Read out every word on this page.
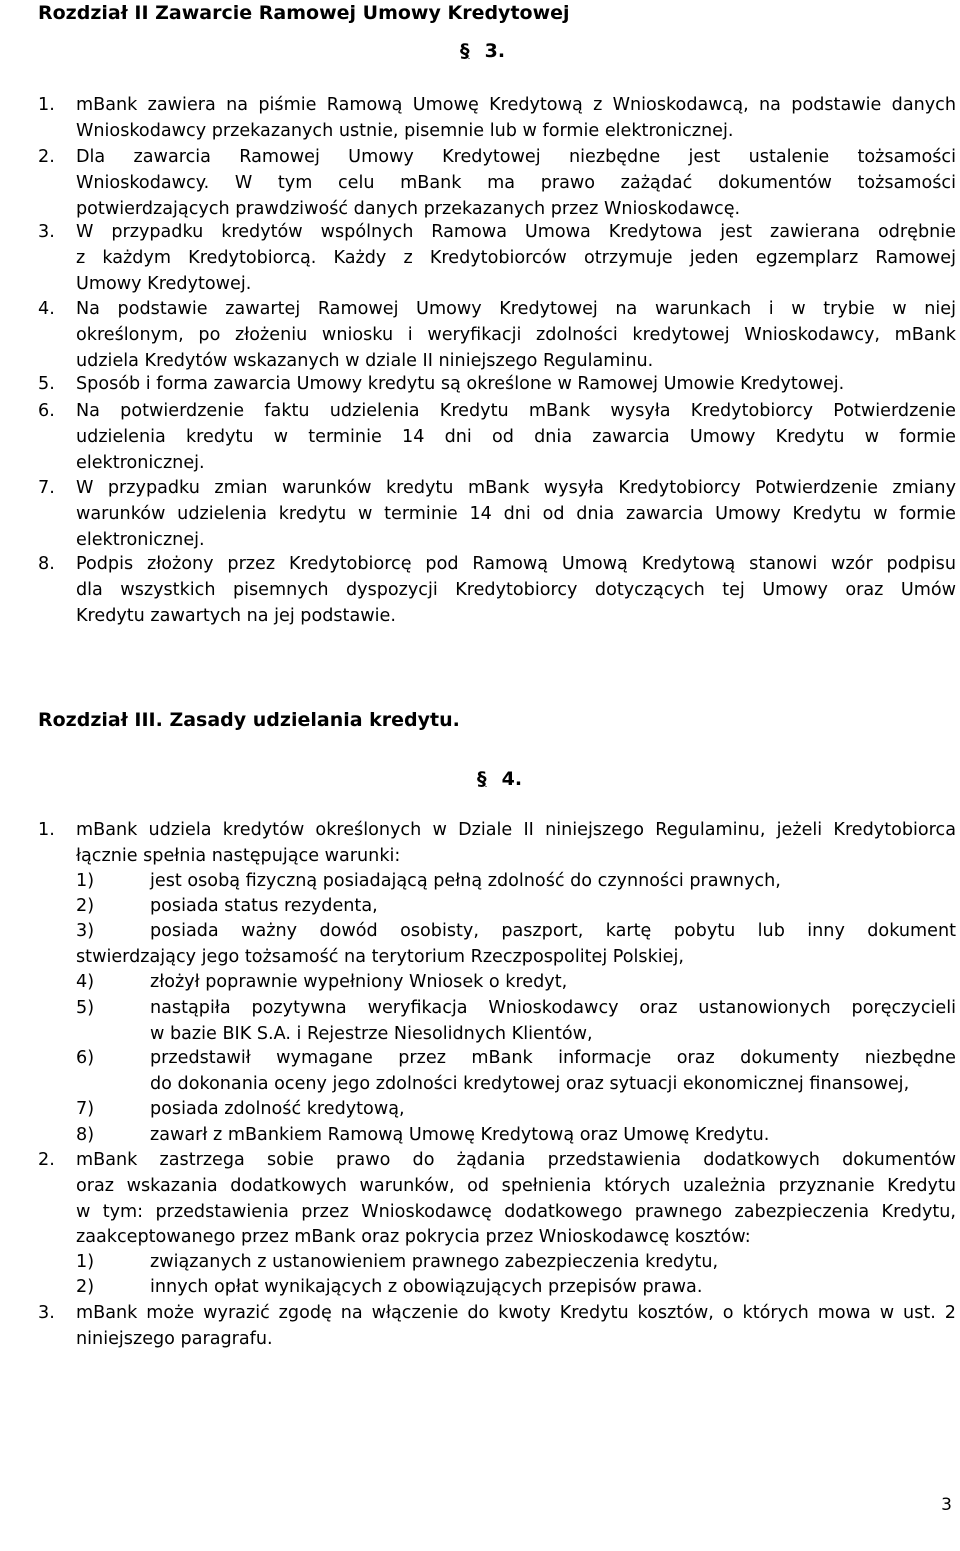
Rozdział II Zawarcie Ramowej Umowy Kredytowej
§ 3.
1. mBank zawiera na piśmie Ramową Umowę Kredytową z Wnioskodawcą, na podstawie danych
Wnioskodawcy przekazanych ustnie, pisemnie lub w formie elektronicznej.
2. Dla zawarcia Ramowej Umowy Kredytowej niezbędne jest ustalenie tożsamości
Wnioskodawcy. W tym celu mBank ma prawo zażądać dokumentów tożsamości
potwierdzających prawdziwość danych przekazanych przez Wnioskodawcę.
3. W przypadku kredytów wspólnych Ramowa Umowa Kredytowa jest zawierana odrębnie
z każdym Kredytobiorcą. Każdy z Kredytobiorców otrzymuje jeden egzemplarz Ramowej
Umowy Kredytowej.
4. Na podstawie zawartej Ramowej Umowy Kredytowej na warunkach i w trybie w niej
określonym, po złożeniu wniosku i weryfikacji zdolności kredytowej Wnioskodawcy, mBank
udziela Kredytów wskazanych w dziale II niniejszego Regulaminu.
5. Sposób i forma zawarcia Umowy kredytu są określone w Ramowej Umowie Kredytowej.
6. Na potwierdzenie faktu udzielenia Kredytu mBank wysyła Kredytobiorcy Potwierdzenie
udzielenia kredytu w terminie 14 dni od dnia zawarcia Umowy Kredytu w formie
elektronicznej.
7. W przypadku zmian warunków kredytu mBank wysyła Kredytobiorcy Potwierdzenie zmiany
warunków udzielenia kredytu w terminie 14 dni od dnia zawarcia Umowy Kredytu w formie
elektronicznej.
8. Podpis złożony przez Kredytobiorcę pod Ramową Umową Kredytową stanowi wzór podpisu
dla wszystkich pisemnych dyspozycji Kredytobiorcy dotyczących tej Umowy oraz Umów
Kredytu zawartych na jej podstawie.
Rozdział III. Zasady udzielania kredytu.
§ 4.
1. mBank udziela kredytów określonych w Dziale II niniejszego Regulaminu, jeżeli Kredytobiorca
łącznie spełnia następujące warunki:
1)	jest osobą fizyczną posiadającą pełną zdolność do czynności prawnych,
2)	posiada status rezydenta,
3)	posiada ważny dowód osobisty, paszport, kartę pobytu lub inny dokument
stwierdzający jego tożsamość na terytorium Rzeczpospolitej Polskiej,
4)	złożył poprawnie wypełniony Wniosek o kredyt,
5)	nastąpiła pozytywna weryfikacja Wnioskodawcy oraz ustanowionych poręczycieli
w bazie BIK S.A. i Rejestrze Niesolidnych Klientów,
6)	przedstawił wymagane przez mBank informacje oraz dokumenty niezbędne
do dokonania oceny jego zdolności kredytowej oraz sytuacji ekonomicznej finansowej,
7)	posiada zdolność kredytową,
8)	zawarł z mBankiem Ramową Umowę Kredytową oraz Umowę Kredytu.
2. mBank zastrzega sobie prawo do żądania przedstawienia dodatkowych dokumentów
oraz wskazania dodatkowych warunków, od spełnienia których uzależnia przyznanie Kredytu
w tym: przedstawienia przez Wnioskodawcę dodatkowego prawnego zabezpieczenia Kredytu,
zaakceptowanego przez mBank oraz pokrycia przez Wnioskodawcę kosztów:
1)	związanych z ustanowieniem prawnego zabezpieczenia kredytu,
2)	innych opłat wynikających z obowiązujących przepisów prawa.
3. mBank może wyrazić zgodę na włączenie do kwoty Kredytu kosztów, o których mowa w ust. 2
niniejszego paragrafu.
3
